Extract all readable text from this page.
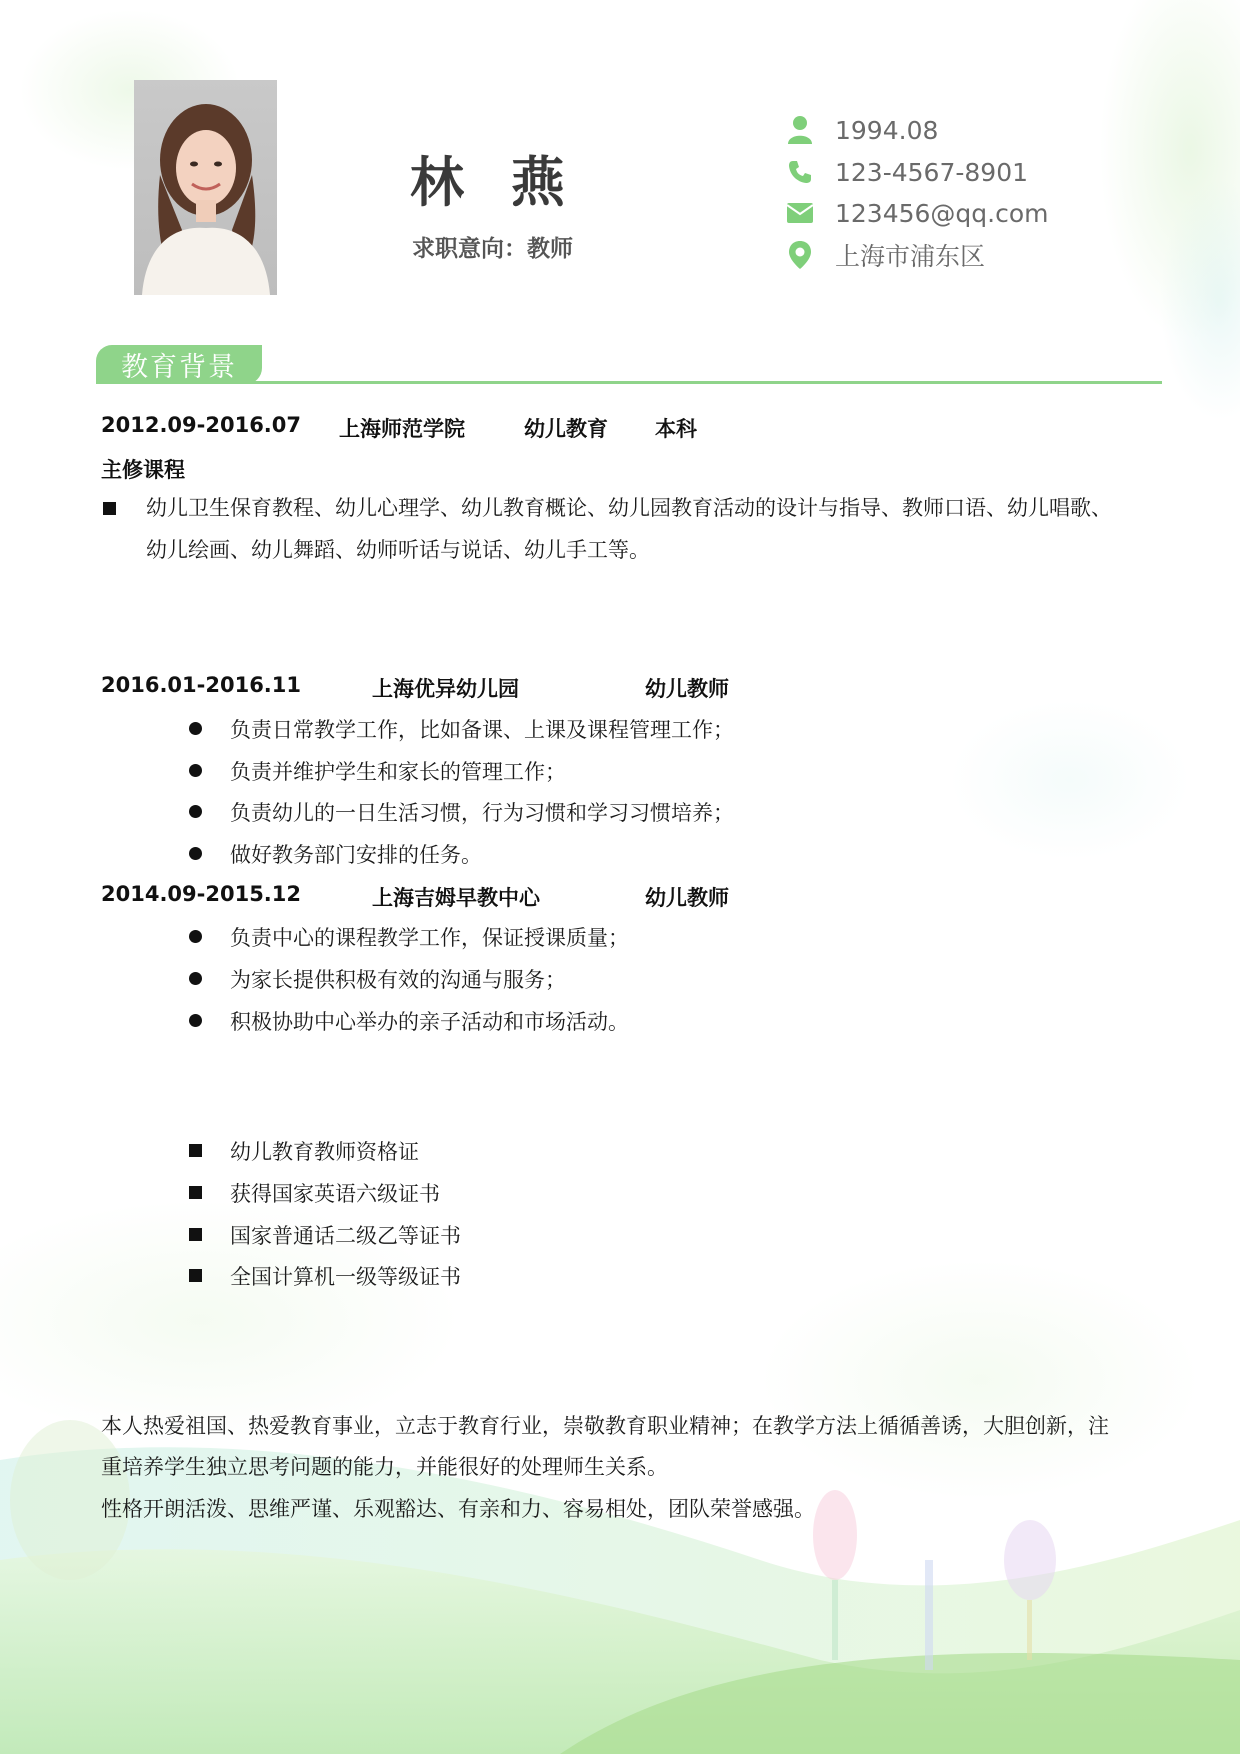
林 燕
求职意向：教师
1994.08
123-4567-8901
123456@qq.com
上海市浦东区
教育背景
2012.09-2016.07 上海师范学院	幼儿教育 本科
主修课程
幼儿卫生保育教程、幼儿心理学、幼儿教育概论、幼儿园教育活动的设计与指导、教师口语、幼儿唱歌、
幼儿绘画、幼儿舞蹈、幼师听话与说话、幼儿手工等。
2016.01-2016.11	上海优异幼儿园	幼儿教师
负责日常教学工作，比如备课、上课及课程管理工作；
负责并维护学生和家长的管理工作；
负责幼儿的一日生活习惯，行为习惯和学习习惯培养；
做好教务部门安排的任务。
2014.09-2015.12	上海吉姆早教中心	幼儿教师
负责中心的课程教学工作，保证授课质量；
为家长提供积极有效的沟通与服务；
积极协助中心举办的亲子活动和市场活动。
幼儿教育教师资格证
获得国家英语六级证书
国家普通话二级乙等证书
全国计算机一级等级证书
本人热爱祖国、热爱教育事业，立志于教育行业，崇敬教育职业精神；在教学方法上循循善诱，大胆创新，注
重培养学生独立思考问题的能力，并能很好的处理师生关系。
性格开朗活泼、思维严谨、乐观豁达、有亲和力、容易相处，团队荣誉感强。
